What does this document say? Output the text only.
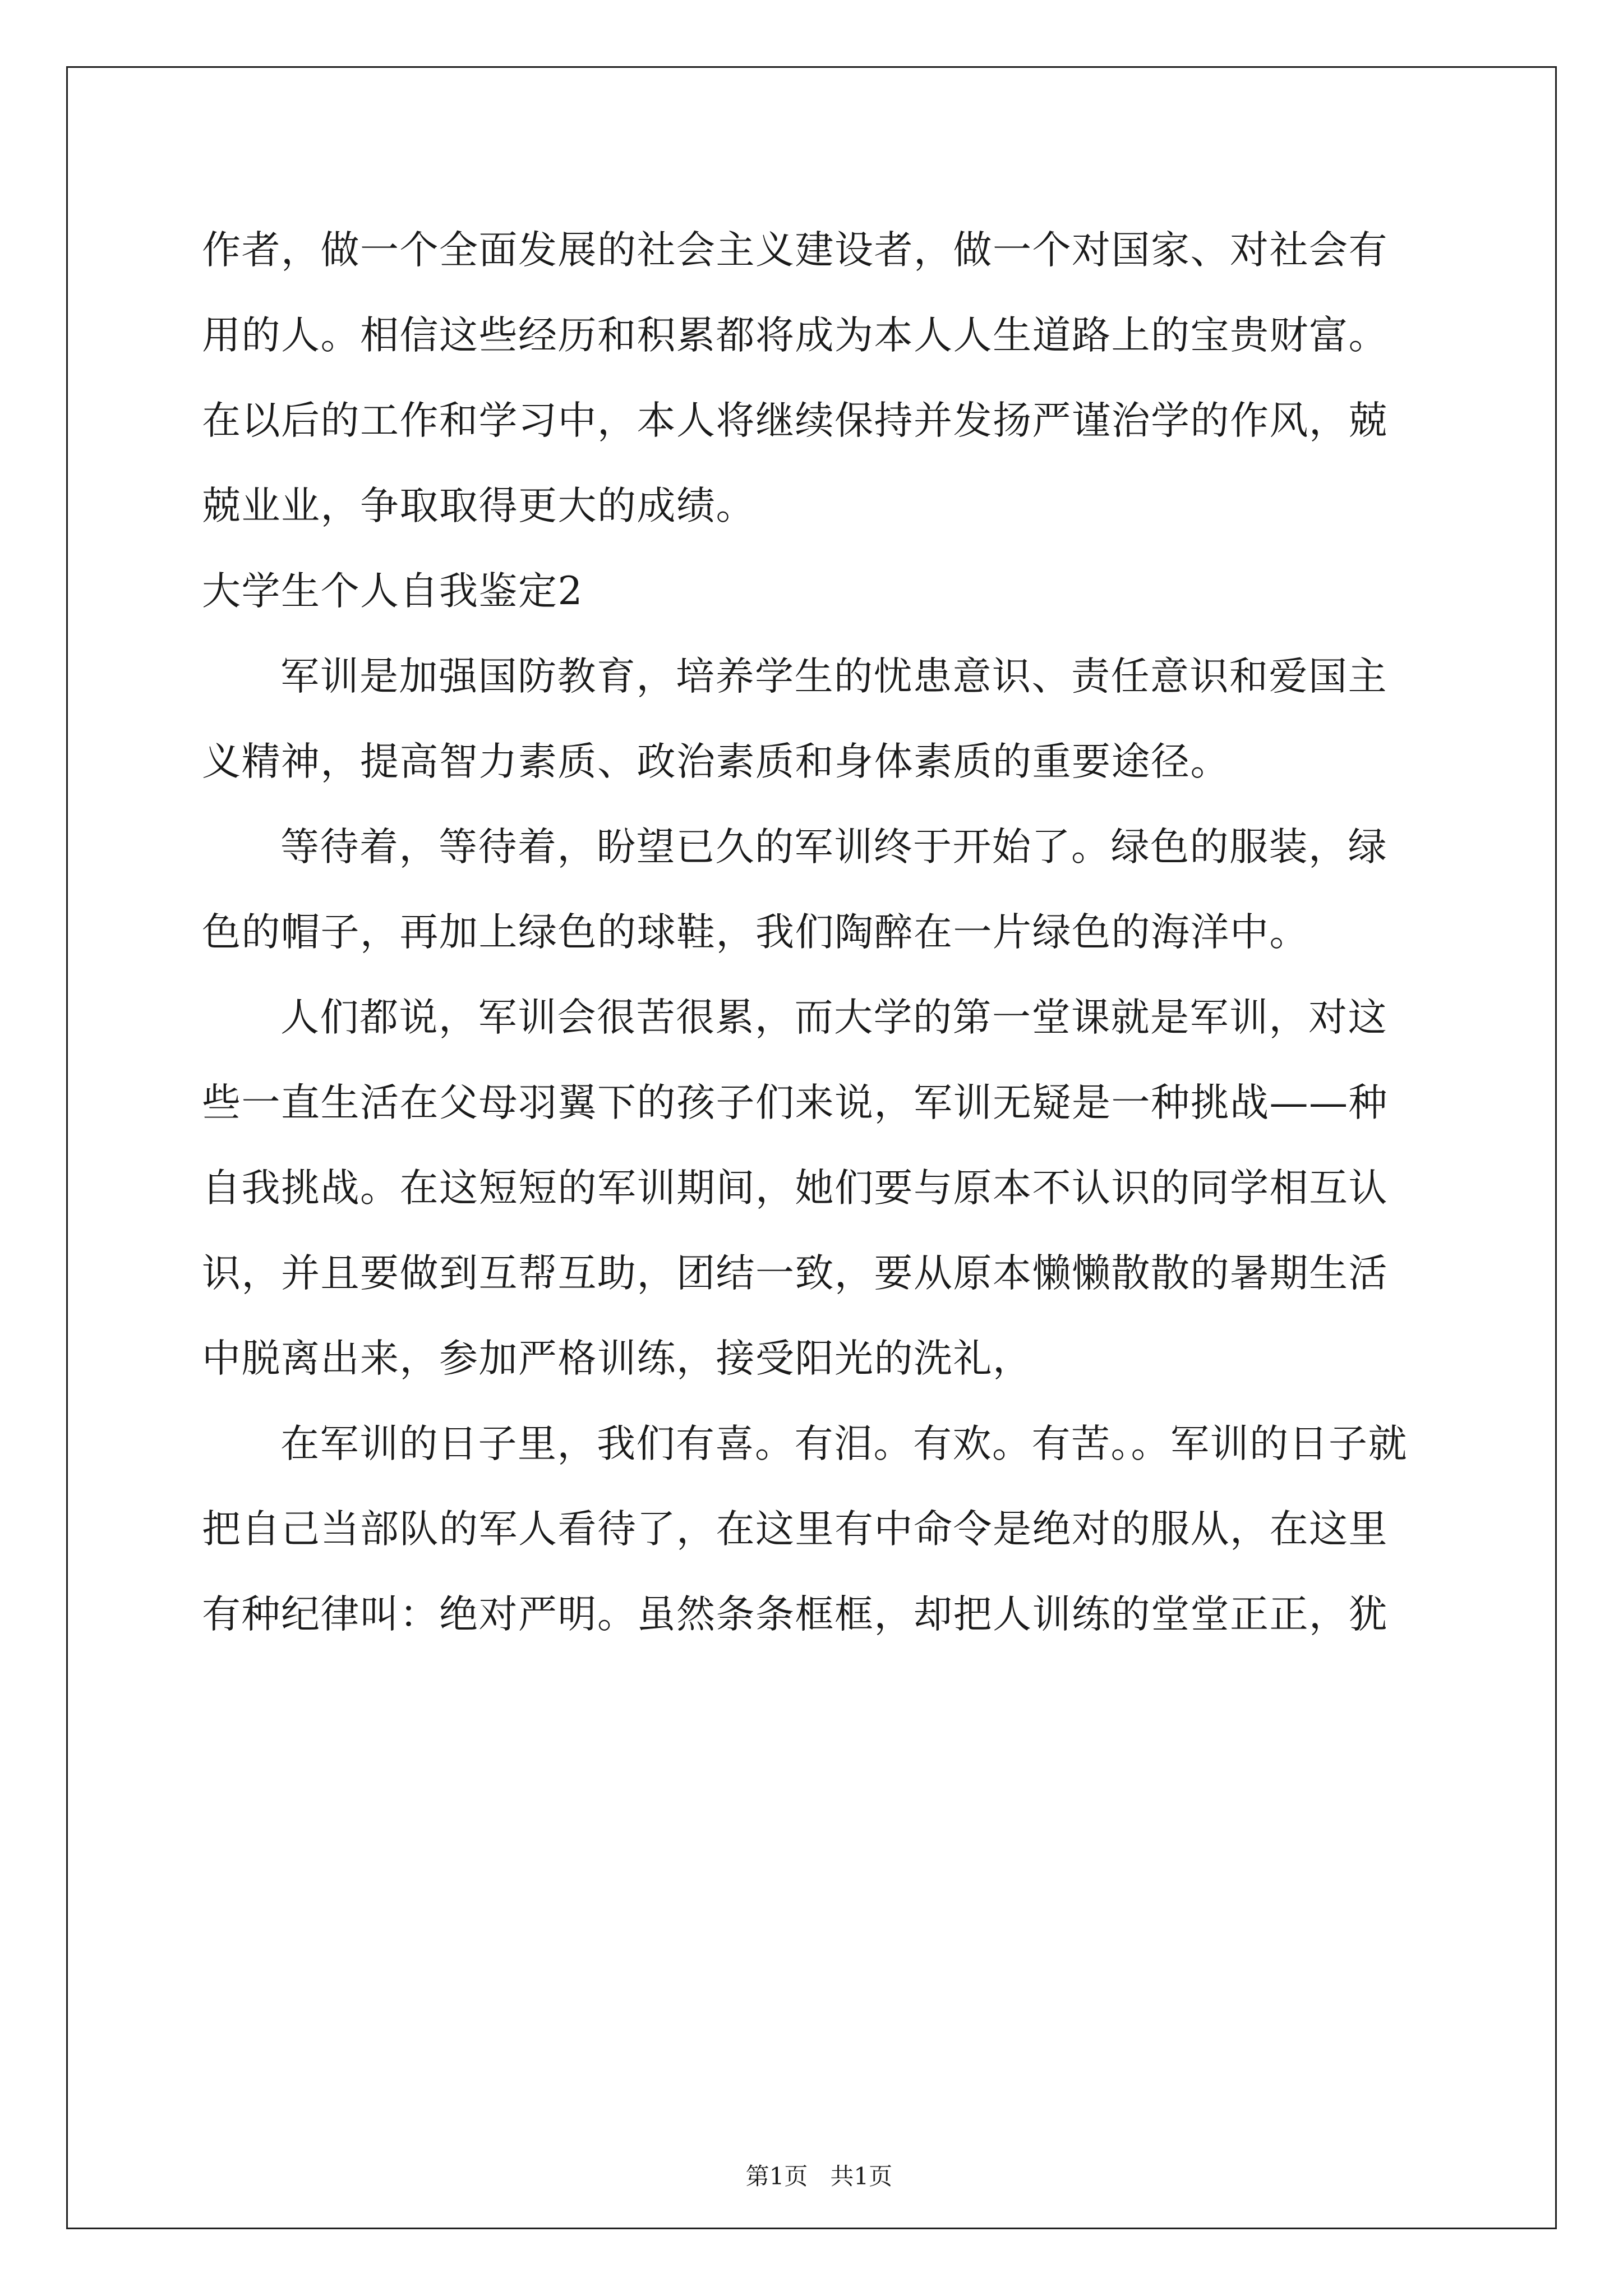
作者，做一个全面发展的社会主义建设者，做一个对国家、对社会有
用的人。相信这些经历和积累都将成为本人人生道路上的宝贵财富。
在以后的工作和学习中，本人将继续保持并发扬严谨治学的作风，兢
兢业业，争取取得更大的成绩。
大学生个人自我鉴定2
军训是加强国防教育，培养学生的忧患意识、责任意识和爱国主
义精神，提高智力素质、政治素质和身体素质的重要途径。
等待着，等待着，盼望已久的军训终于开始了。绿色的服装，绿
色的帽子，再加上绿色的球鞋，我们陶醉在一片绿色的海洋中。
人们都说，军训会很苦很累，而大学的第一堂课就是军训，对这
些一直生活在父母羽翼下的孩子们来说，军训无疑是一种挑战——种
自我挑战。在这短短的军训期间，她们要与原本不认识的同学相互认
识，并且要做到互帮互助，团结一致，要从原本懒懒散散的暑期生活
中脱离出来，参加严格训练，接受阳光的洗礼，
在军训的日子里，我们有喜。有泪。有欢。有苦。。军训的日子就
把自己当部队的军人看待了，在这里有中命令是绝对的服从，在这里
有种纪律叫：绝对严明。虽然条条框框，却把人训练的堂堂正正，犹

第1页   共1页
